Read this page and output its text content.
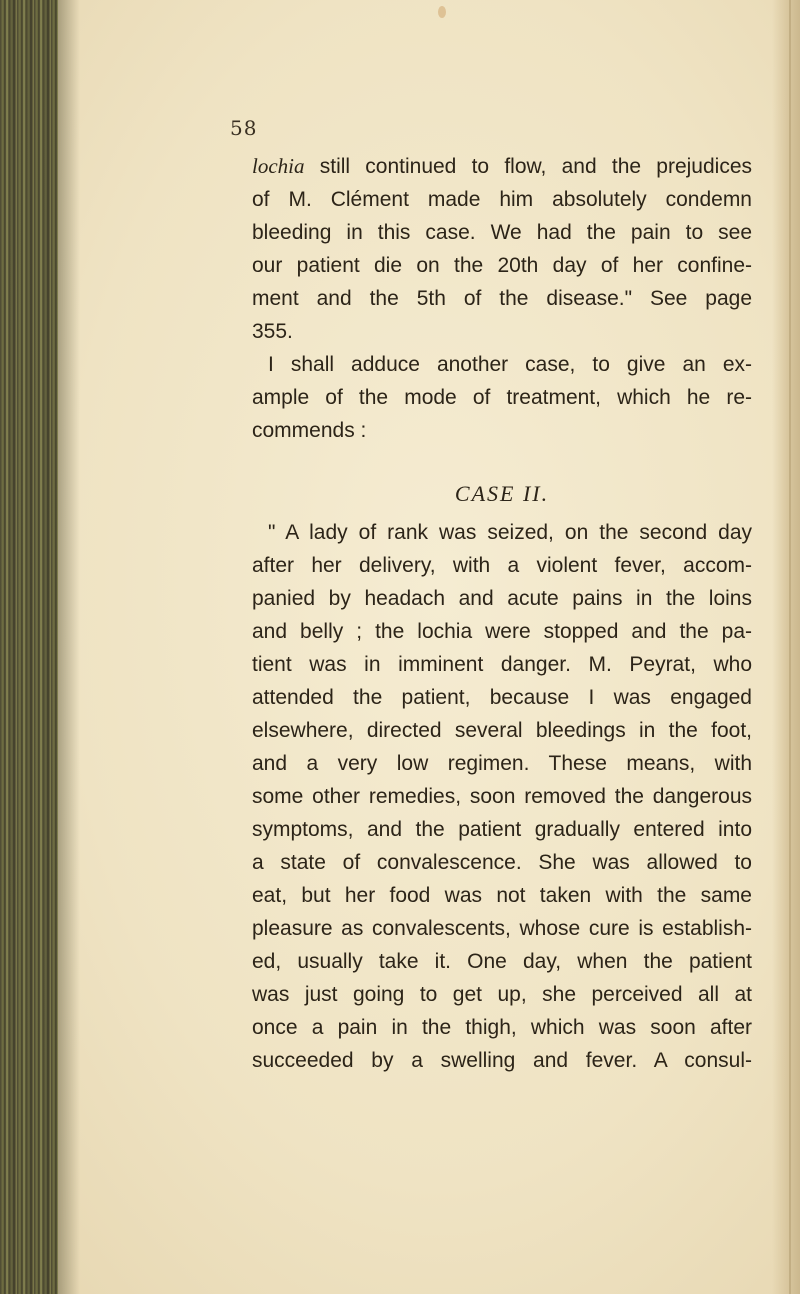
58
lochia still continued to flow, and the prejudices
of M. Clément made him absolutely condemn
bleeding in this case. We had the pain to see
our patient die on the 20th day of her confine-
ment and the 5th of the disease." See page
355.
I shall adduce another case, to give an ex-
ample of the mode of treatment, which he re-
commends :
CASE II.
" A lady of rank was seized, on the second day
after her delivery, with a violent fever, accom-
panied by headach and acute pains in the loins
and belly ; the lochia were stopped and the pa-
tient was in imminent danger. M. Peyrat, who
attended the patient, because I was engaged
elsewhere, directed several bleedings in the foot,
and a very low regimen. These means, with
some other remedies, soon removed the dangerous
symptoms, and the patient gradually entered into
a state of convalescence. She was allowed to
eat, but her food was not taken with the same
pleasure as convalescents, whose cure is establish-
ed, usually take it. One day, when the patient
was just going to get up, she perceived all at
once a pain in the thigh, which was soon after
succeeded by a swelling and fever. A consul-
